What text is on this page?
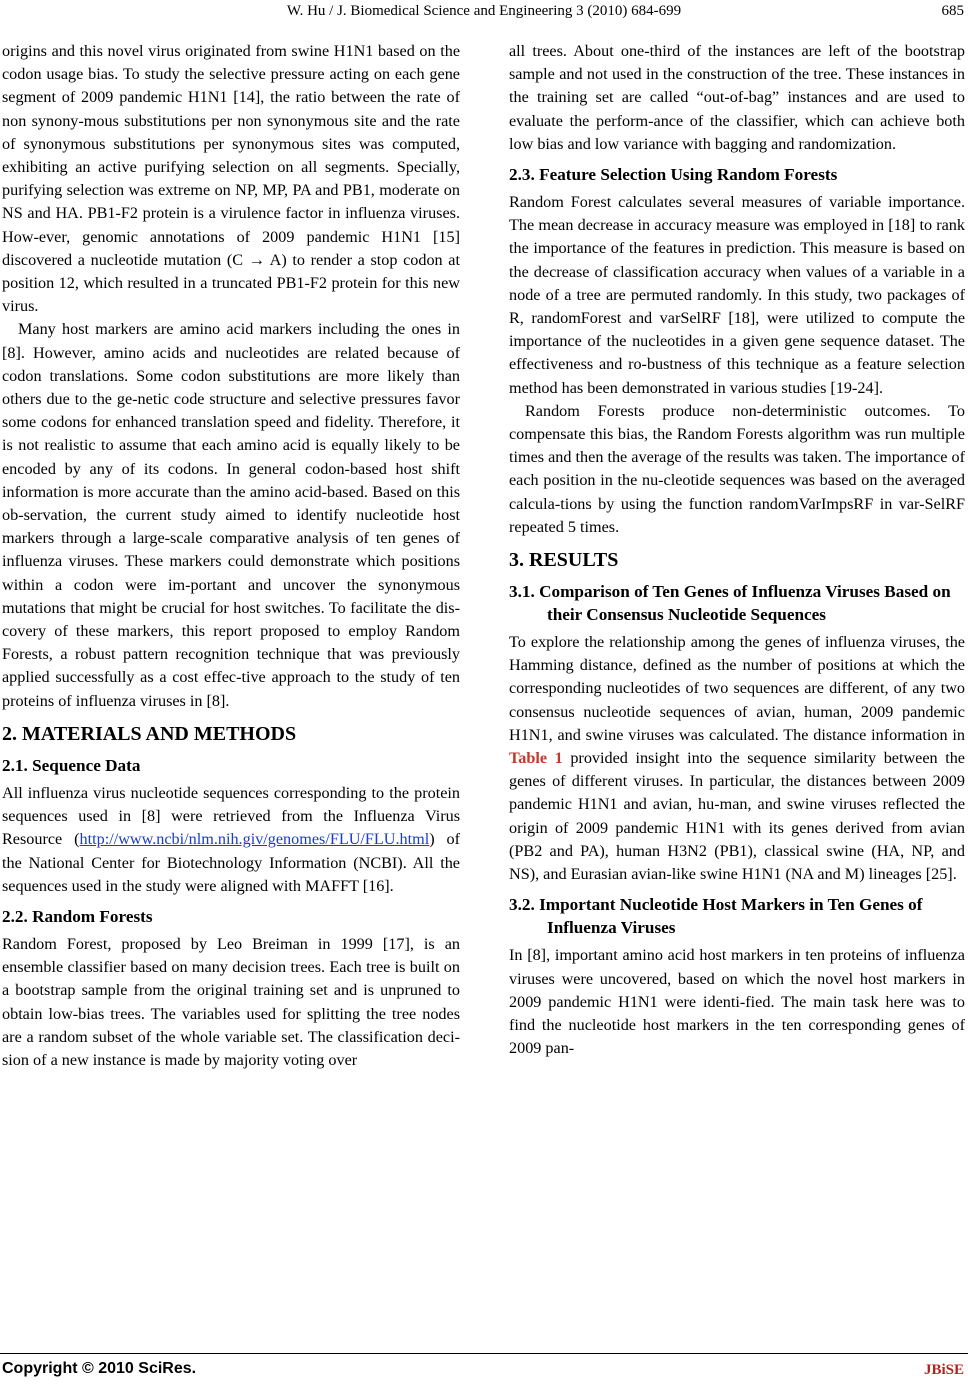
W. Hu / J. Biomedical Science and Engineering 3 (2010) 684-699	685

origins and this novel virus originated from swine H1N1 based on the codon usage bias. To study the selective pressure acting on each gene segment of 2009 pandemic H1N1 [14], the ratio between the rate of non synony-mous substitutions per non synonymous site and the rate of synonymous substitutions per synonymous sites was computed, exhibiting an active purifying selection on all segments. Specially, purifying selection was extreme on NP, MP, PA and PB1, moderate on NS and HA. PB1-F2 protein is a virulence factor in influenza viruses. How-ever, genomic annotations of 2009 pandemic H1N1 [15] discovered a nucleotide mutation (C → A) to render a stop codon at position 12, which resulted in a truncated PB1-F2 protein for this new virus.

Many host markers are amino acid markers including the ones in [8]. However, amino acids and nucleotides are related because of codon translations. Some codon substitutions are more likely than others due to the ge-netic code structure and selective pressures favor some codons for enhanced translation speed and fidelity. Therefore, it is not realistic to assume that each amino acid is equally likely to be encoded by any of its codons. In general codon-based host shift information is more accurate than the amino acid-based. Based on this ob-servation, the current study aimed to identify nucleotide host markers through a large-scale comparative analysis of ten genes of influenza viruses. These markers could demonstrate which positions within a codon were im-portant and uncover the synonymous mutations that might be crucial for host switches. To facilitate the dis-covery of these markers, this report proposed to employ Random Forests, a robust pattern recognition technique that was previously applied successfully as a cost effec-tive approach to the study of ten proteins of influenza viruses in [8].

2. MATERIALS AND METHODS
2.1. Sequence Data

All influenza virus nucleotide sequences corresponding to the protein sequences used in [8] were retrieved from the Influenza Virus Resource (http://www.ncbi/nlm.nih.giv/genomes/FLU/FLU.html) of the National Center for Biotechnology Information (NCBI). All the sequences used in the study were aligned with MAFFT [16].

2.2. Random Forests

Random Forest, proposed by Leo Breiman in 1999 [17], is an ensemble classifier based on many decision trees. Each tree is built on a bootstrap sample from the original training set and is unpruned to obtain low-bias trees. The variables used for splitting the tree nodes are a random subset of the whole variable set. The classification deci-sion of a new instance is made by majority voting over

all trees. About one-third of the instances are left of the bootstrap sample and not used in the construction of the tree. These instances in the training set are called “out-of-bag” instances and are used to evaluate the perform-ance of the classifier, which can achieve both low bias and low variance with bagging and randomization.

2.3. Feature Selection Using Random Forests

Random Forest calculates several measures of variable importance. The mean decrease in accuracy measure was employed in [18] to rank the importance of the features in prediction. This measure is based on the decrease of classification accuracy when values of a variable in a node of a tree are permuted randomly. In this study, two packages of R, randomForest and varSelRF [18], were utilized to compute the importance of the nucleotides in a given gene sequence dataset. The effectiveness and ro-bustness of this technique as a feature selection method has been demonstrated in various studies [19-24].

Random Forests produce non-deterministic outcomes. To compensate this bias, the Random Forests algorithm was run multiple times and then the average of the results was taken. The importance of each position in the nu-cleotide sequences was based on the averaged calcula-tions by using the function randomVarImpsRF in var-SelRF repeated 5 times.

3. RESULTS
3.1. Comparison of Ten Genes of Influenza Viruses Based on their Consensus Nucleotide Sequences

To explore the relationship among the genes of influenza viruses, the Hamming distance, defined as the number of positions at which the corresponding nucleotides of two sequences are different, of any two consensus nucleotide sequences of avian, human, 2009 pandemic H1N1, and swine viruses was calculated. The distance information in Table 1 provided insight into the sequence similarity between the genes of different viruses. In particular, the distances between 2009 pandemic H1N1 and avian, hu-man, and swine viruses reflected the origin of 2009 pandemic H1N1 with its genes derived from avian (PB2 and PA), human H3N2 (PB1), classical swine (HA, NP, and NS), and Eurasian avian-like swine H1N1 (NA and M) lineages [25].

3.2. Important Nucleotide Host Markers in Ten Genes of Influenza Viruses

In [8], important amino acid host markers in ten proteins of influenza viruses were uncovered, based on which the novel host markers in 2009 pandemic H1N1 were identi-fied. The main task here was to find the nucleotide host markers in the ten corresponding genes of 2009 pan-

Copyright © 2010 SciRes.	JBiSE
